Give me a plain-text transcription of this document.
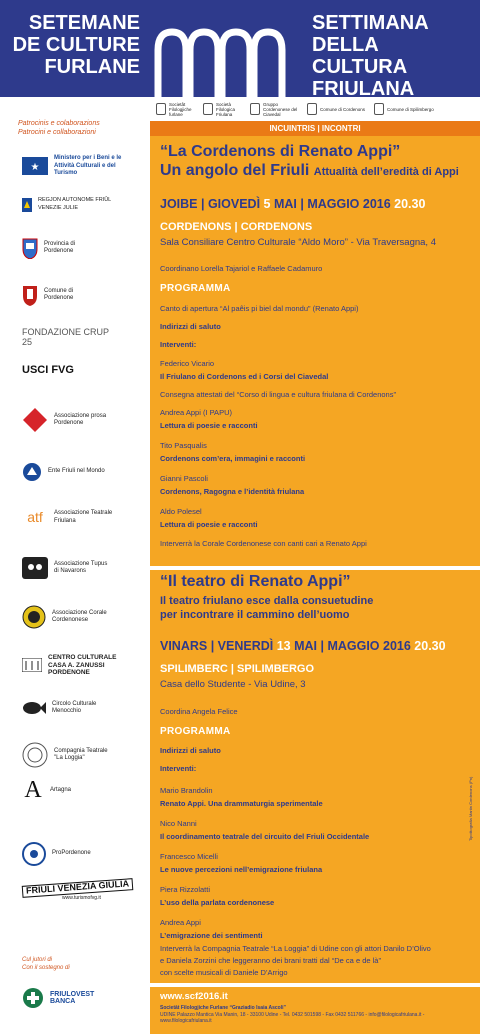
SETEMANE
DE CULTURE
FURLANE
SETTIMANA
DELLA CULTURA
FRIULANA
Societât Filologjiche furlane
Società Filologica Friulana
Gruppo Cordenonese del Ciavedal
Comune di Cordenons	Comune di Spilimbergo
Patrocinis e colaborazions
Patrocini e collaborazioni
★
Ministero per i Beni e le Attività Culturali e del Turismo
REGJON AUTONOME FRIÛL VENEZIE JULIE
Provincia di Pordenone
Comune di Pordenone
FONDAZIONE CRUP 25
USCI FVG
Associazione prosa Pordenone
Ente Friuli nel Mondo
atf	Associazione Teatrale Friulana
Associazione Tupus di Navarons
Associazione Corale Cordenonese
CENTRO CULTURALE CASA A. ZANUSSI PORDENONE
Circolo Culturale Menocchio
Compagnia Teatrale "La Loggia"
A	Artagna
ProPordenone
FRIULI VENEZIA GIULIA
www.turismofvg.it
Cul jutori di
Con il sostegno di
FRIULOVEST BANCA
INCUINTRIS | INCONTRI
“La Cordenons di Renato Appi”
Un angolo del Friuli Attualità dell’eredità di Appi
JOIBE | GIOVEDÌ 5 MAI | MAGGIO 2016 20.30
CORDENONS | CORDENONS
Sala Consiliare Centro Culturale “Aldo Moro” - Via Traversagna, 4
Coordinano Lorella Tajariol e Raffaele Cadamuro
PROGRAMMA
Canto di apertura “Al paêis pi biel dal mondu” (Renato Appi)
Indirizzi di saluto
Interventi:
Federico Vicario
Il Friulano di Cordenons ed i Corsi del Ciavedal
Consegna attestati del “Corso di lingua e cultura friulana di Cordenons”
Andrea Appi (I PAPU)
Lettura di poesie e racconti
Tito Pasqualis
Cordenons com’era, immagini e racconti
Gianni Pascoli
Cordenons, Ragogna e l’identità friulana
Aldo Polesel
Lettura di poesie e racconti
Interverrà la Corale Cordenonese con canti cari a Renato Appi
“Il teatro di Renato Appi”
Il teatro friulano esce dalla consuetudine
per incontrare il cammino dell’uomo
VINARS | VENERDÌ 13 MAI | MAGGIO 2016 20.30
SPILIMBERC | SPILIMBERGO
Casa dello Studente - Via Udine, 3
Coordina Angela Felice
PROGRAMMA
Indirizzi di saluto
Interventi:
Mario Brandolin
Renato Appi. Una drammaturgia sperimentale
Nico Nanni
Il coordinamento teatrale del circuito del Friuli Occidentale
Francesco Micelli
Le nuove percezioni nell’emigrazione friulana
Piera Rizzolatti
L’uso della parlata cordenonese
Andrea Appi
L’emigrazione dei sentimenti
Interverrà la Compagnia Teatrale “La Loggia” di Udine con gli attori Danilo D’Olivo
e Daniela Zorzini che leggeranno dei brani tratti dal “De ca e de là”
con scelte musicali di Daniele D’Arrigo
www.scf2016.it
Societât Filologjiche Furlane “Graziadio Isaia Ascoli”
UDINE Palazzo Mantica Via Manin, 18 - 33100 Udine - Tel. 0432 501598 - Fax 0432 511766 - info@filologicafriulana.it - www.filologicafriulana.it
Tipolitografia Martin Cordenons (Pn)
